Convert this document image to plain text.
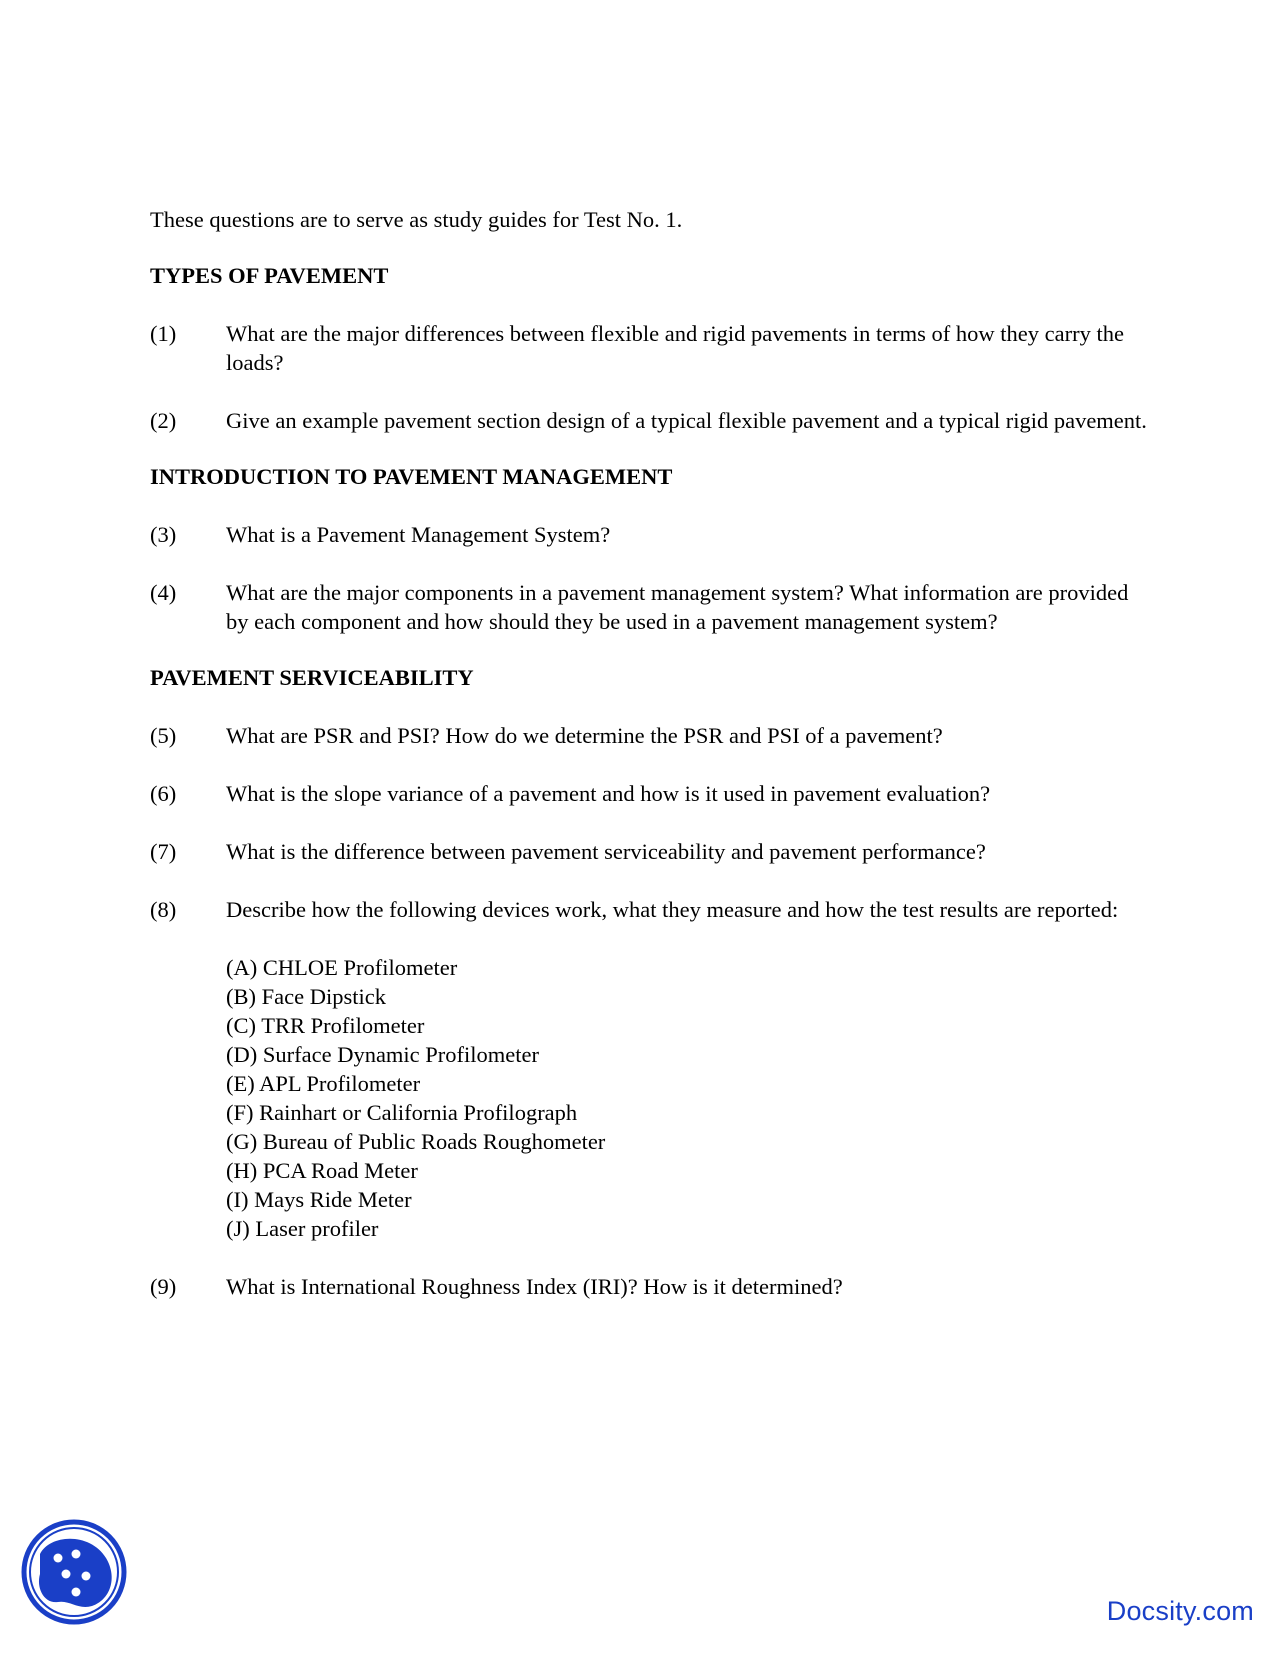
These questions are to serve as study guides for Test No. 1.

TYPES OF PAVEMENT
(1)	What are the major differences between flexible and rigid pavements in terms of how they carry the loads?
(2)	Give an example pavement section design of a typical flexible pavement and a typical rigid pavement.
INTRODUCTION TO PAVEMENT MANAGEMENT
(3)	What is a Pavement Management System?
(4)	What are the major components in a pavement management system? What information are provided by each component and how should they be used in a pavement management system?
PAVEMENT SERVICEABILITY
(5)	What are PSR and PSI? How do we determine the PSR and PSI of a pavement?
(6)	What is the slope variance of a pavement and how is it used in pavement evaluation?
(7)	What is the difference between pavement serviceability and pavement performance?
(8)	Describe how the following devices work, what they measure and how the test results are reported:
(A) CHLOE Profilometer
(B) Face Dipstick
(C) TRR Profilometer
(D) Surface Dynamic Profilometer
(E) APL Profilometer
(F) Rainhart or California Profilograph
(G) Bureau of Public Roads Roughometer
(H) PCA Road Meter
(I) Mays Ride Meter
(J) Laser profiler
(9)	What is International Roughness Index (IRI)? How is it determined?
Docsity.com
